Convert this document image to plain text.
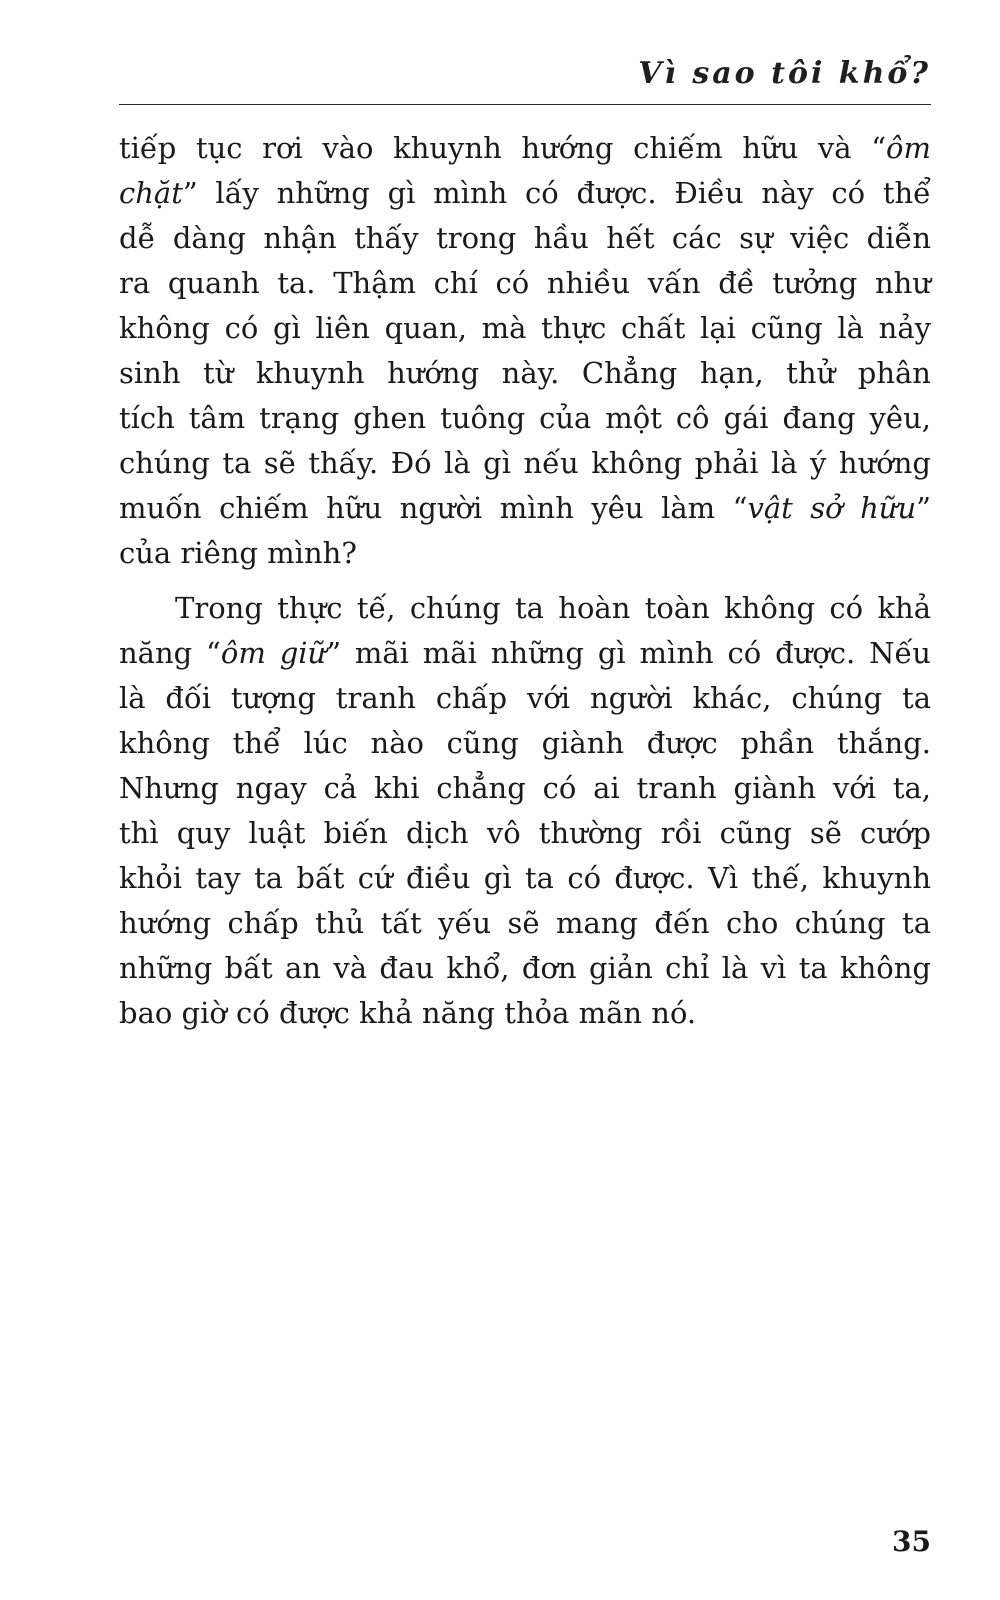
Vì sao tôi khổ?
tiếp tục rơi vào khuynh hướng chiếm hữu và “ôm
chặt” lấy những gì mình có được. Điều này có thể
dễ dàng nhận thấy trong hầu hết các sự việc diễn
ra quanh ta. Thậm chí có nhiều vấn đề tưởng như
không có gì liên quan, mà thực chất lại cũng là nảy
sinh từ khuynh hướng này. Chẳng hạn, thử phân
tích tâm trạng ghen tuông của một cô gái đang yêu,
chúng ta sẽ thấy. Đó là gì nếu không phải là ý hướng
muốn chiếm hữu người mình yêu làm “vật sở hữu”
của riêng mình?
Trong thực tế, chúng ta hoàn toàn không có khả
năng “ôm giữ” mãi mãi những gì mình có được. Nếu
là đối tượng tranh chấp với người khác, chúng ta
không thể lúc nào cũng giành được phần thắng.
Nhưng ngay cả khi chẳng có ai tranh giành với ta,
thì quy luật biến dịch vô thường rồi cũng sẽ cướp
khỏi tay ta bất cứ điều gì ta có được. Vì thế, khuynh
hướng chấp thủ tất yếu sẽ mang đến cho chúng ta
những bất an và đau khổ, đơn giản chỉ là vì ta không
bao giờ có được khả năng thỏa mãn nó.
35
